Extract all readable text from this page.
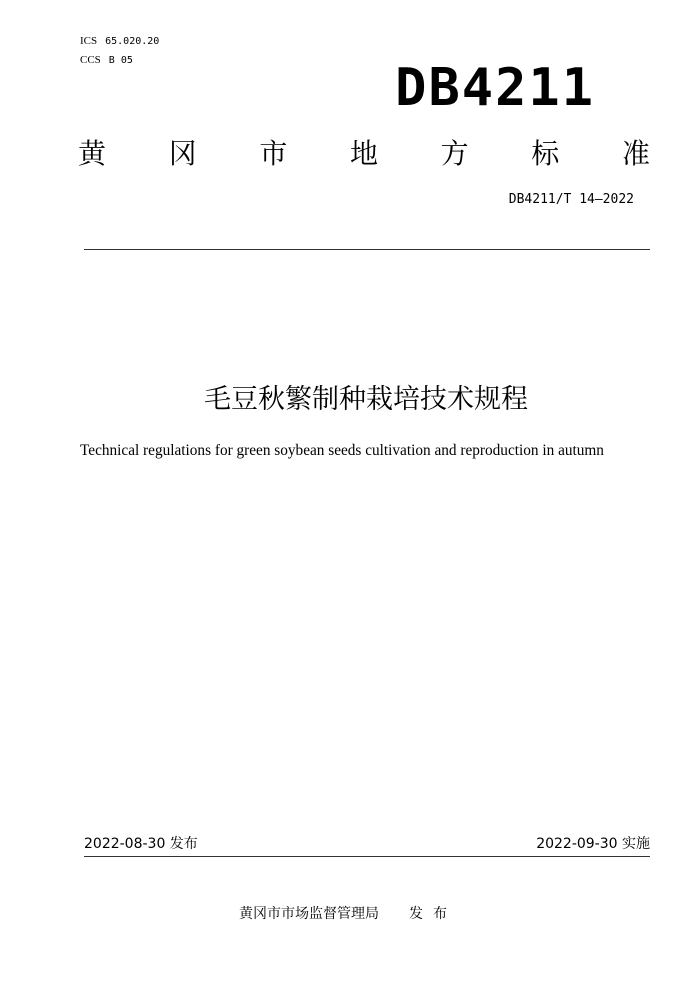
ICS 65.020.20
CCS B 05	DB4211
黄 冈 市 地 方 标 准
DB4211/T 14—2022
毛豆秋繁制种栽培技术规程
Technical regulations for green soybean seeds cultivation and reproduction in autumn
2022-08-30 发布	2022-09-30 实施
黄冈市市场监督管理局 发布
